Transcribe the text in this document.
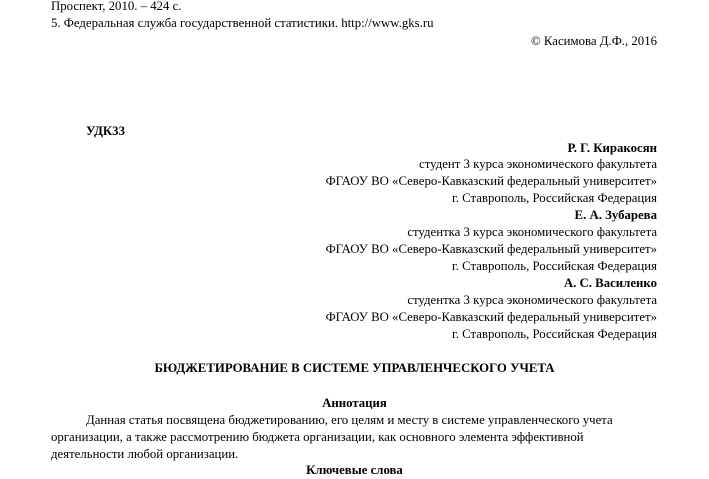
Проспект, 2010. – 424 с.
5. Федеральная служба государственной статистики. http://www.gks.ru
© Касимова Д.Ф., 2016
УДК33
Р. Г. Киракосян
студент 3 курса экономического факультета
ФГАОУ ВО «Северо-Кавказский федеральный университет»
г. Ставрополь, Российская Федерация
Е. А. Зубарева
студентка 3 курса экономического факультета
ФГАОУ ВО «Северо-Кавказский федеральный университет»
г. Ставрополь, Российская Федерация
А. С. Василенко
студентка 3 курса экономического факультета
ФГАОУ ВО «Северо-Кавказский федеральный университет»
г. Ставрополь, Российская Федерация
БЮДЖЕТИРОВАНИЕ В СИСТЕМЕ УПРАВЛЕНЧЕСКОГО УЧЕТА
Аннотация
Данная статья посвящена бюджетированию, его целям и месту в системе управленческого учета
организации, а также рассмотрению бюджета организации, как основного элемента эффективной
деятельности любой организации.
Ключевые слова
